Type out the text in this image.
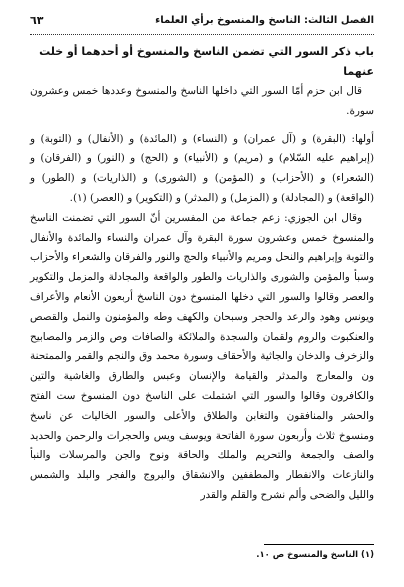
الفصل الثالث: الناسخ والمنسوخ برأي العلماء
٦٣

باب ذكر السور التي تضمن الناسخ والمنسوخ أو أحدهما أو خلت عنهما

قال ابن حزم أمّا السور التي داخلها الناسخ والمنسوخ وعددها خمس وعشرون سورة.

أولها: (البقرة) و (آل عمران) و (النساء) و (المائدة) و (الأنفال) و (التوبة) و (إبراهيم عليه السّلام) و (مريم) و (الأنبياء) و (الحج) و (النور) و (الفرقان) و (الشعراء) و (الأحزاب) و (المؤمن) و (الشورى) و (الذاريات) و (الطور) و (الواقعة) و (المجادلة) و (المزمل) و (المدثر) و (التكوير) و (العصر) (١).

وقال ابن الجوزي: زعم جماعة من المفسرين أنّ السور التي تضمنت الناسخ والمنسوخ خمس وعشرون سورة البقرة وآل عمران والنساء والمائدة والأنفال والتوبة وإبراهيم والنحل ومريم والأنبياء والحج والنور والفرقان والشعراء والأحزاب وسبأ والمؤمن والشورى والذاريات والطور والواقعة والمجادلة والمزمل والتكوير والعصر وقالوا والسور التي دخلها المنسوخ دون الناسخ أربعون الأنعام والأعراف ويونس وهود والرعد والحجر وسبحان والكهف وطه والمؤمنون والنمل والقصص والعنكبوت والروم ولقمان والسجدة والملائكة والصافات وص والزمر والمصابيح والزخرف والدخان والجاثية والأحقاف وسورة محمد وق والنجم والقمر والممتحنة ون والمعارج والمدثر والقيامة والإنسان وعبس والطارق والغاشية والتين والكافرون وقالوا والسور التي اشتملت على الناسخ دون المنسوخ ست الفتح والحشر والمنافقون والتغابن والطلاق والأعلى والسور الخاليات عن ناسخ ومنسوخ ثلاث وأربعون سورة الفاتحة ويوسف ويس والحجرات والرحمن والحديد والصف والجمعة والتحريم والملك والحاقة ونوح والجن والمرسلات والنبأ والنازعات والانفطار والمطففين والانشقاق والبروج والفجر والبلد والشمس والليل والضحى وألم نشرح والقلم والقدر

(١) الناسخ والمنسوخ ص ١٠.
